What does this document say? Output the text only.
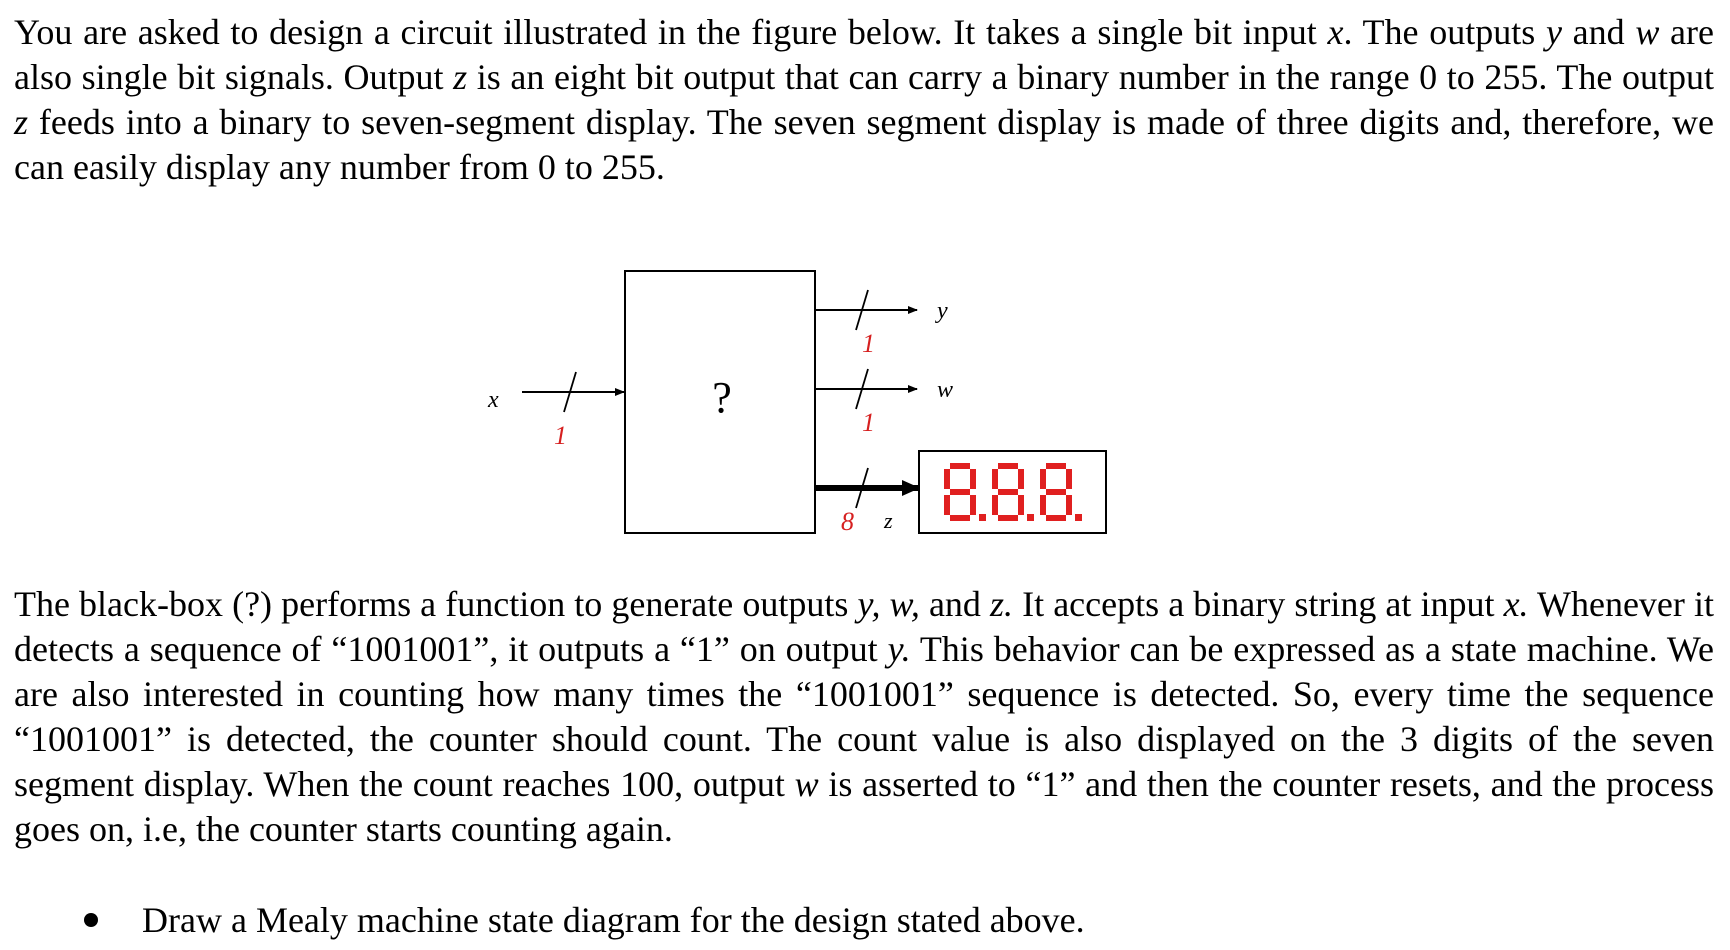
You are asked to design a circuit illustrated in the figure below. It takes a single bit input x. The outputs y and w are also single bit signals. Output z is an eight bit output that can carry a binary number in the range 0 to 255. The output z feeds into a binary to seven-segment display. The seven segment display is made of three digits and, therefore, we can easily display any number from 0 to 255.

?
x
1
1
y
1
w
8 z

The black-box (?) performs a function to generate outputs y, w, and z. It accepts a binary string at input x. Whenever it detects a sequence of “1001001”, it outputs a “1” on output y. This behavior can be expressed as a state machine. We are also interested in counting how many times the “1001001” sequence is detected. So, every time the sequence “1001001” is detected, the counter should count. The count value is also displayed on the 3 digits of the seven segment display. When the count reaches 100, output w is asserted to “1” and then the counter resets, and the process goes on, i.e, the counter starts counting again.

Draw a Mealy machine state diagram for the design stated above.
